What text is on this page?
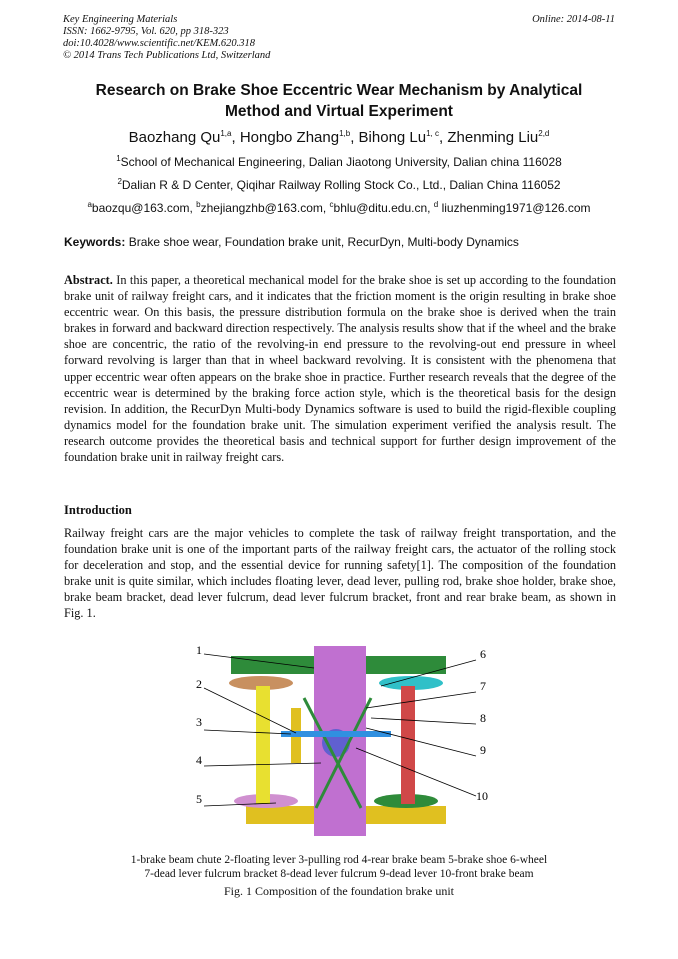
Key Engineering Materials
ISSN: 1662-9795, Vol. 620, pp 318-323
doi:10.4028/www.scientific.net/KEM.620.318
© 2014 Trans Tech Publications Ltd, Switzerland
Online: 2014-08-11
Research on Brake Shoe Eccentric Wear Mechanism by Analytical
Method and Virtual Experiment
Baozhang Qu$^{1,a}$, Hongbo Zhang$^{1,b}$, Bihong Lu$^{1, c}$, Zhenming Liu$^{2,d}$
$^1$School of Mechanical Engineering, Dalian Jiaotong University, Dalian china 116028
$^2$Dalian R & D Center, Qiqihar Railway Rolling Stock Co., Ltd., Dalian China 116052
$^a$baozqu@163.com, $^b$zhejiangzhb@163.com, $^c$bhlu@ditu.edu.cn, $^d$ liuzhenming1971@126.com
Keywords: Brake shoe wear, Foundation brake unit, RecurDyn, Multi-body Dynamics
Abstract. In this paper, a theoretical mechanical model for the brake shoe is set up according to the foundation brake unit of railway freight cars, and it indicates that the friction moment is the origin resulting in brake shoe eccentric wear. On this basis, the pressure distribution formula on the brake shoe is derived when the train brakes in forward and backward direction respectively. The analysis results show that if the wheel and the brake shoe are concentric, the ratio of the revolving-in end pressure to the revolving-out end pressure in wheel forward revolving is larger than that in wheel backward revolving. It is consistent with the phenomena that upper eccentric wear often appears on the brake shoe in practice. Further research reveals that the degree of the eccentric wear is determined by the braking force action style, which is the theoretical basis for the design revision. In addition, the RecurDyn Multi-body Dynamics software is used to build the rigid-flexible coupling dynamics model for the foundation brake unit. The simulation experiment verified the analysis result. The research outcome provides the theoretical basis and technical support for further design improvement of the foundation brake unit in railway freight cars.
Introduction
Railway freight cars are the major vehicles to complete the task of railway freight transportation, and the foundation brake unit is one of the important parts of the railway freight cars, the actuator of the rolling stock for deceleration and stop, and the essential device for running safety[1]. The composition of the foundation brake unit is quite similar, which includes floating lever, dead lever, pulling rod, brake shoe holder, brake shoe, brake beam bracket, dead lever fulcrum, dead lever fulcrum bracket, front and rear brake beam, as shown in Fig. 1.
1
2
3
4
5
6
7
8
9
10
1-brake beam chute 2-floating lever 3-pulling rod 4-rear brake beam 5-brake shoe 6-wheel
7-dead lever fulcrum bracket 8-dead lever fulcrum 9-dead lever 10-front brake beam
Fig. 1 Composition of the foundation brake unit
